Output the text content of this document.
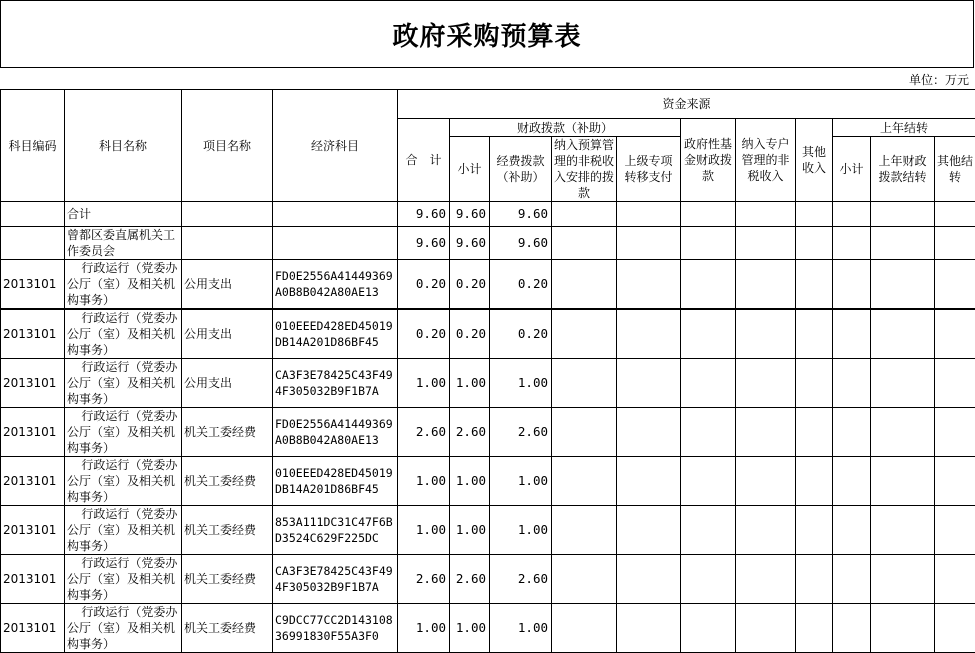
政府采购预算表
单位：万元
科目编码	科目名称	项目名称	经济科目	资金来源										
				合　计	财政拨款（补助）				政府性基金财政拨款	纳入专户管理的非税收入	其他收入	上年结转		
					小计	经费拨款（补助）	纳入预算管理的非税收入安排的拨款	上级专项转移支付				小计	上年财政拨款结转	其他结转
	合计			9.60	9.60	9.60								
	曾都区委直属机关工作委员会			9.60	9.60	9.60								
2013101	行政运行（党委办公厅（室）及相关机构事务）	公用支出	FD0E2556A41449369A0B8B042A80AE13	0.20	0.20	0.20								
2013101	行政运行（党委办公厅（室）及相关机构事务）	公用支出	010EEED428ED45019DB14A201D86BF45	0.20	0.20	0.20								
2013101	行政运行（党委办公厅（室）及相关机构事务）	公用支出	CA3F3E78425C43F494F305032B9F1B7A	1.00	1.00	1.00								
2013101	行政运行（党委办公厅（室）及相关机构事务）	机关工委经费	FD0E2556A41449369A0B8B042A80AE13	2.60	2.60	2.60								
2013101	行政运行（党委办公厅（室）及相关机构事务）	机关工委经费	010EEED428ED45019DB14A201D86BF45	1.00	1.00	1.00								
2013101	行政运行（党委办公厅（室）及相关机构事务）	机关工委经费	853A111DC31C47F6BD3524C629F225DC	1.00	1.00	1.00								
2013101	行政运行（党委办公厅（室）及相关机构事务）	机关工委经费	CA3F3E78425C43F494F305032B9F1B7A	2.60	2.60	2.60								
2013101	行政运行（党委办公厅（室）及相关机构事务）	机关工委经费	C9DCC77CC2D14310836991830F55A3F0	1.00	1.00	1.00								
